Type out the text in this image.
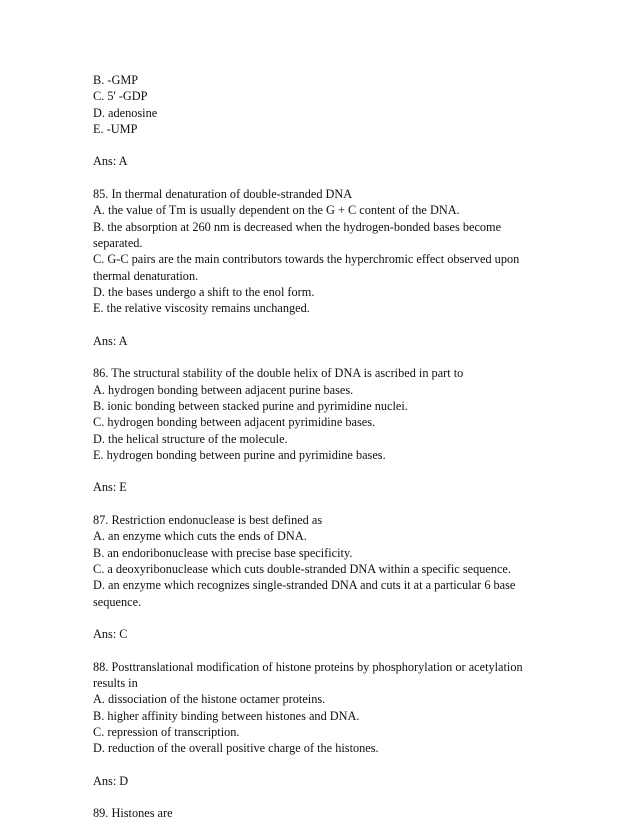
B. -GMP
C. 5' -GDP
D. adenosine
E. -UMP
Ans: A
85. In thermal denaturation of double-stranded DNA
A. the value of Tm is usually dependent on the G + C content of the DNA.
B. the absorption at 260 nm is decreased when the hydrogen-bonded bases become
separated.
C. G-C pairs are the main contributors towards the hyperchromic effect observed upon
thermal denaturation.
D. the bases undergo a shift to the enol form.
E. the relative viscosity remains unchanged.
Ans: A
86. The structural stability of the double helix of DNA is ascribed in part to
A. hydrogen bonding between adjacent purine bases.
B. ionic bonding between stacked purine and pyrimidine nuclei.
C. hydrogen bonding between adjacent pyrimidine bases.
D. the helical structure of the molecule.
E. hydrogen bonding between purine and pyrimidine bases.
Ans: E
87. Restriction endonuclease is best defined as
A. an enzyme which cuts the ends of DNA.
B. an endoribonuclease with precise base specificity.
C. a deoxyribonuclease which cuts double-stranded DNA within a specific sequence.
D. an enzyme which recognizes single-stranded DNA and cuts it at a particular 6 base
sequence.
Ans: C
88. Posttranslational modification of histone proteins by phosphorylation or acetylation
results in
A. dissociation of the histone octamer proteins.
B. higher affinity binding between histones and DNA.
C. repression of transcription.
D. reduction of the overall positive charge of the histones.
Ans: D
89. Histones are
